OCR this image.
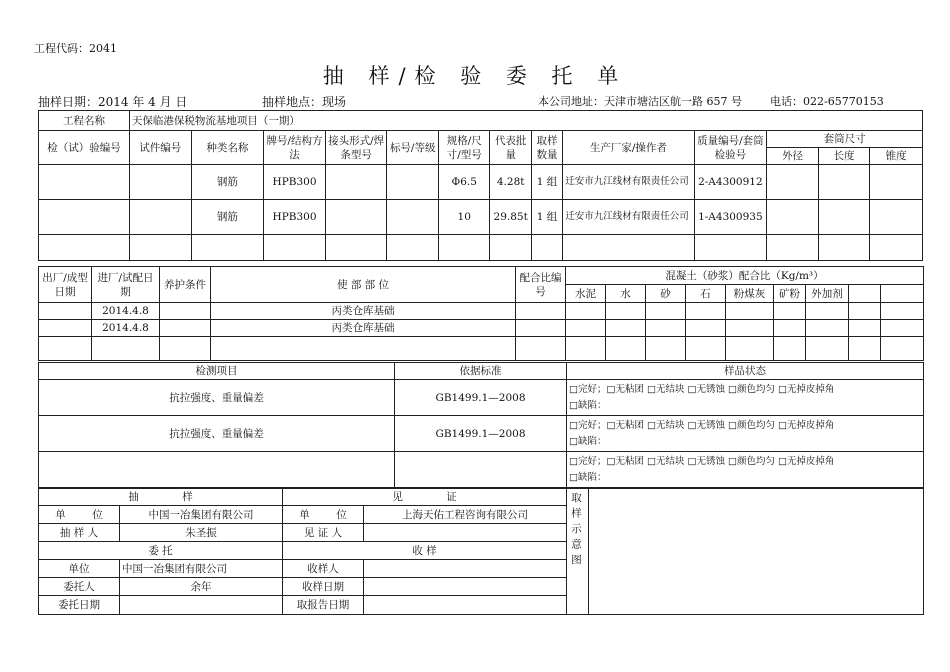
工程代码：2041
抽 样/检 验 委 托 单
抽样日期：2014 年 4 月 日	抽样地点：现场	本公司地址：天津市塘沽区航一路 657 号	电话：022-65770153
工程名称	天保临港保税物流基地项目（一期）												
检（试）验编号	试件编号	种类名称	牌号/结构方法	接头形式/焊条型号	标号/等级	规格/尺寸/型号	代表批量	取样数量	生产厂家/操作者	质量编号/套筒检验号	套筒尺寸		
											外径	长度	锥度
		钢筋	HPB300			Ф6.5	4.28t	1 组	迁安市九江线材有限责任公司	2-A4300912			
		钢筋	HPB300			10	29.85t	1 组	迁安市九江线材有限责任公司	1-A4300935			

出厂/成型日期	进厂/试配日期	养护条件	使 部 部 位	配合比编号	混凝土（砂浆）配合比（Kg/m³）								
					水泥	水	砂	石	粉煤灰	矿粉	外加剂		
	2014.4.8		丙类仓库基础										
	2014.4.8		丙类仓库基础										

检测项目	依据标准	样品状态
抗拉强度、重量偏差	GB1499.1—2008	□完好；□无粘团 □无结块 □无锈蚀 □颜色均匀 □无掉皮掉角
□缺陷：

抗拉强度、重量偏差	GB1499.1—2008	□完好；□无粘团 □无结块 □无锈蚀 □颜色均匀 □无掉皮掉角
□缺陷：

		□完好；□无粘团 □无结块 □无锈蚀 □颜色均匀 □无掉皮掉角
□缺陷：
抽             样		见             证		取样示意图	

单        位	中国一冶集团有限公司	单        位	上海天佑工程咨询有限公司		
抽 样 人	朱圣振	见 证 人			
委 托		收 样			
单位	中国一冶集团有限公司	收样人			
委托人	余年	收样日期			
委托日期		取报告日期			
